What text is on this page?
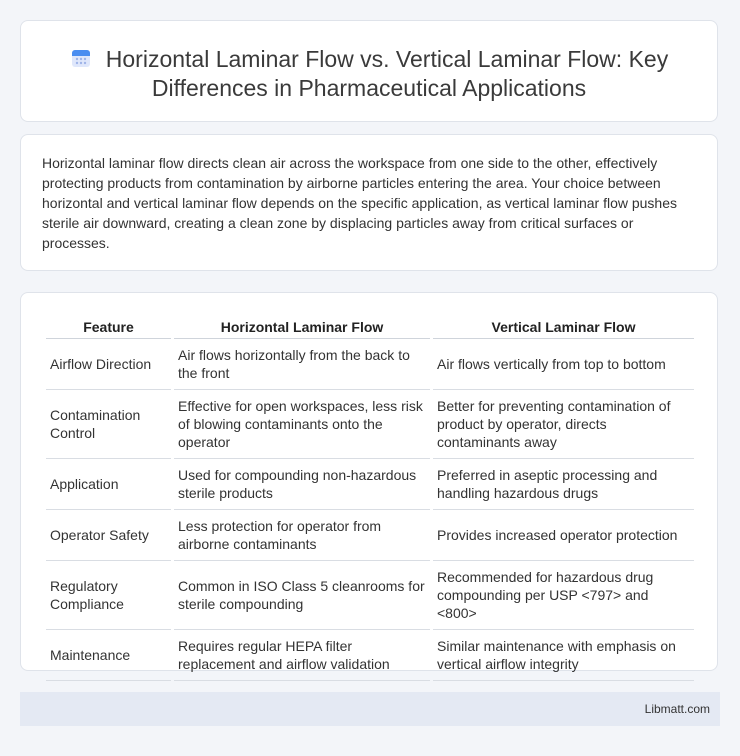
Horizontal Laminar Flow vs. Vertical Laminar Flow: Key Differences in Pharmaceutical Applications
Horizontal laminar flow directs clean air across the workspace from one side to the other, effectively protecting products from contamination by airborne particles entering the area. Your choice between horizontal and vertical laminar flow depends on the specific application, as vertical laminar flow pushes sterile air downward, creating a clean zone by displacing particles away from critical surfaces or processes.
Feature	Horizontal Laminar Flow	Vertical Laminar Flow
Airflow Direction	Air flows horizontally from the back to the front	Air flows vertically from top to bottom
Contamination Control	Effective for open workspaces, less risk of blowing contaminants onto the operator	Better for preventing contamination of product by operator, directs contaminants away
Application	Used for compounding non-hazardous sterile products	Preferred in aseptic processing and handling hazardous drugs
Operator Safety	Less protection for operator from airborne contaminants	Provides increased operator protection
Regulatory Compliance	Common in ISO Class 5 cleanrooms for sterile compounding	Recommended for hazardous drug compounding per USP <797> and <800>
Maintenance	Requires regular HEPA filter replacement and airflow validation	Similar maintenance with emphasis on vertical airflow integrity
Libmatt.com
